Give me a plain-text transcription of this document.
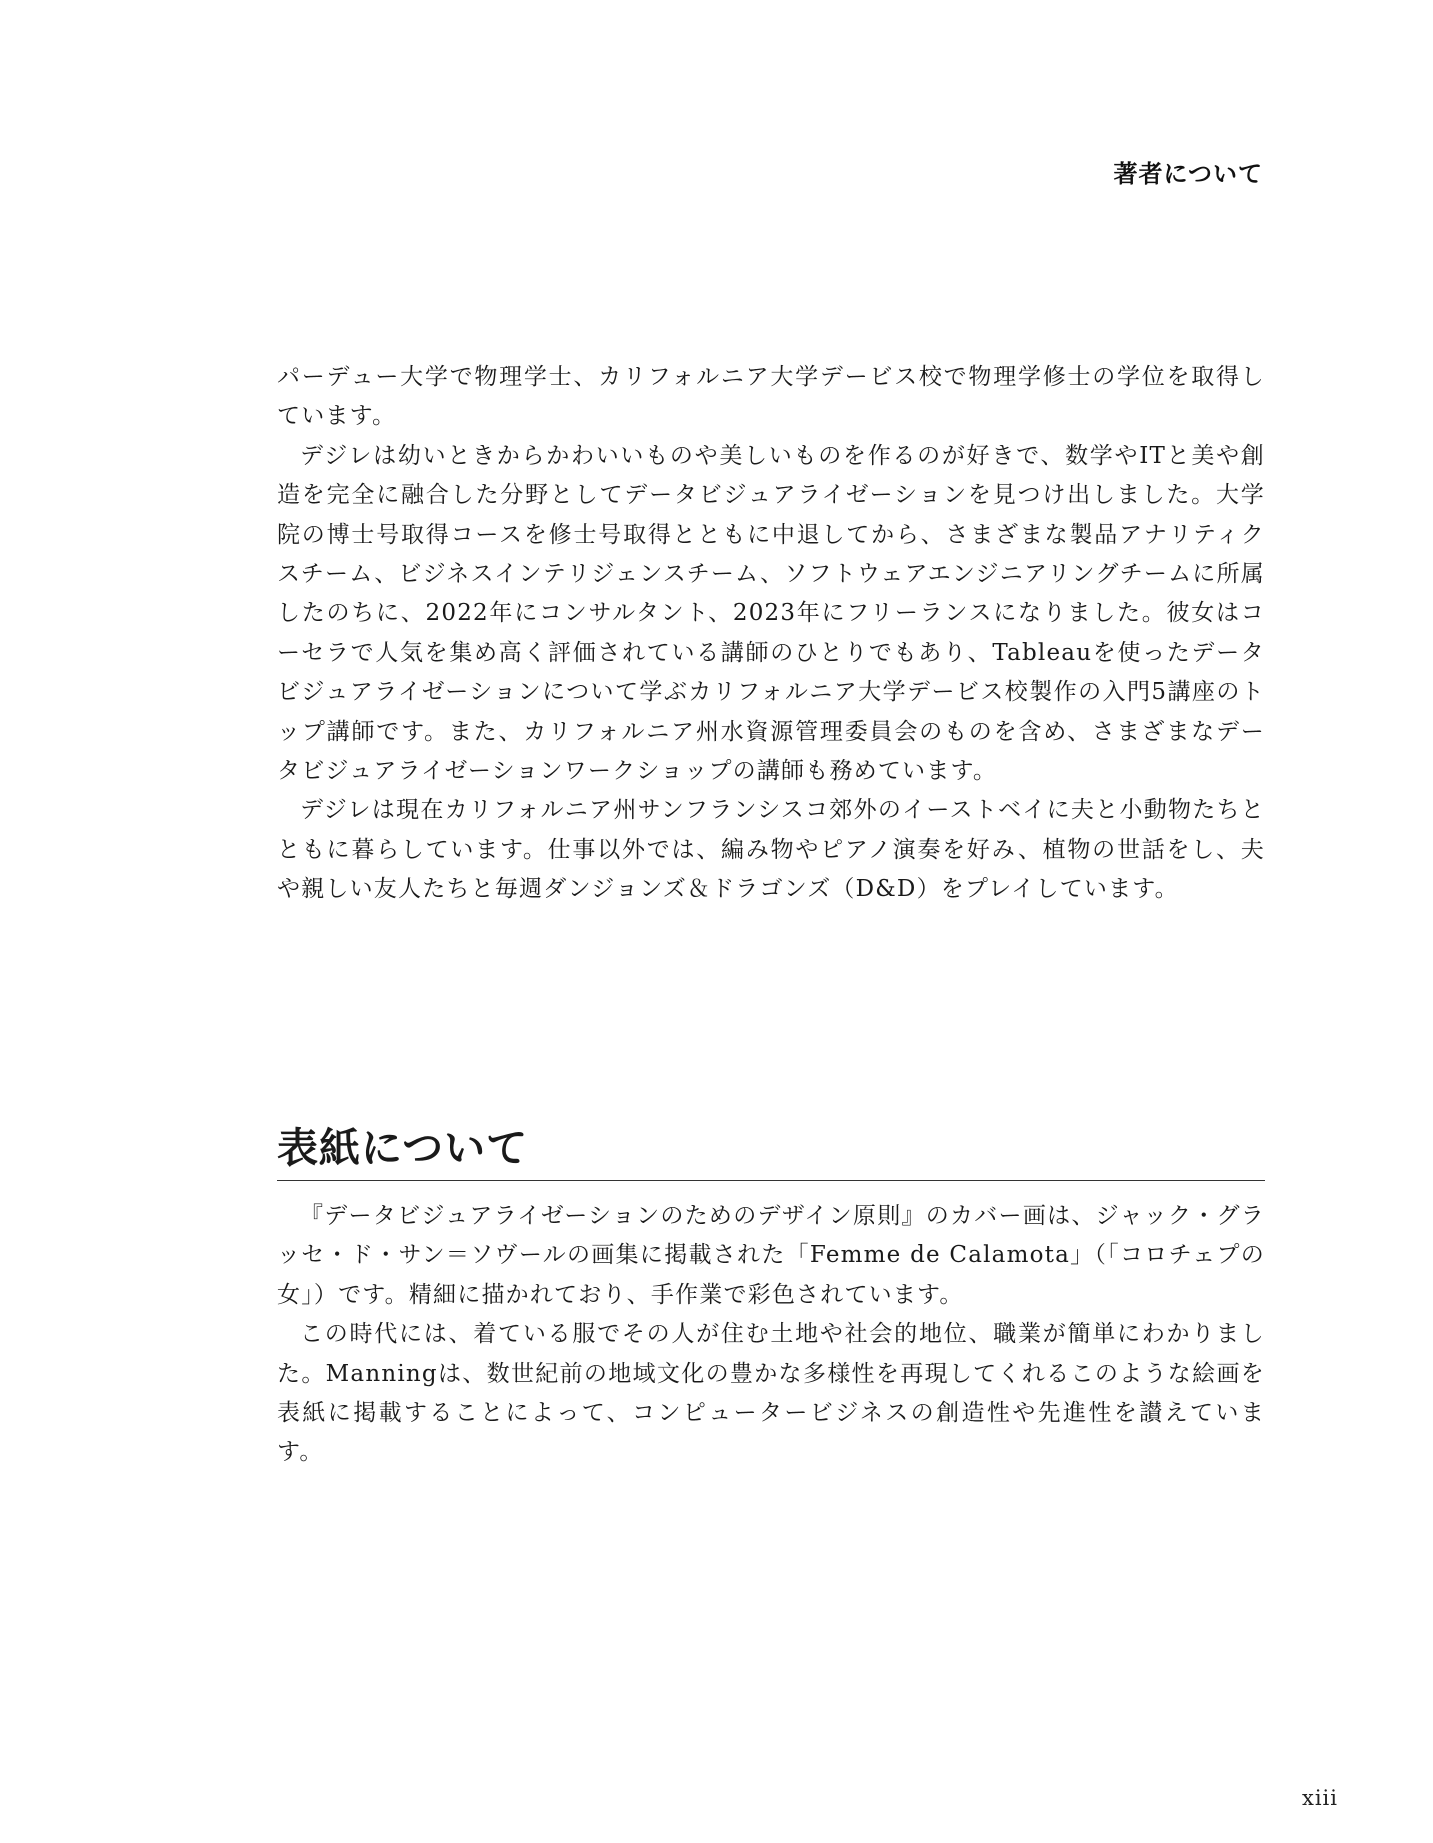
著者について

パーデュー大学で物理学士、カリフォルニア大学デービス校で物理学修士の学位を取得しています。

デジレは幼いときからかわいいものや美しいものを作るのが好きで、数学やITと美や創造を完全に融合した分野としてデータビジュアライゼーションを見つけ出しました。大学院の博士号取得コースを修士号取得とともに中退してから、さまざまな製品アナリティクスチーム、ビジネスインテリジェンスチーム、ソフトウェアエンジニアリングチームに所属したのちに、2022年にコンサルタント、2023年にフリーランスになりました。彼女はコーセラで人気を集め高く評価されている講師のひとりでもあり、Tableauを使ったデータビジュアライゼーションについて学ぶカリフォルニア大学デービス校製作の入門5講座のトップ講師です。また、カリフォルニア州水資源管理委員会のものを含め、さまざまなデータビジュアライゼーションワークショップの講師も務めています。

デジレは現在カリフォルニア州サンフランシスコ郊外のイーストベイに夫と小動物たちとともに暮らしています。仕事以外では、編み物やピアノ演奏を好み、植物の世話をし、夫や親しい友人たちと毎週ダンジョンズ＆ドラゴンズ（D&D）をプレイしています。

表紙について

『データビジュアライゼーションのためのデザイン原則』のカバー画は、ジャック・グラッセ・ド・サン＝ソヴールの画集に掲載された「Femme de Calamota」（「コロチェプの女」）です。精細に描かれており、手作業で彩色されています。

この時代には、着ている服でその人が住む土地や社会的地位、職業が簡単にわかりました。Manningは、数世紀前の地域文化の豊かな多様性を再現してくれるこのような絵画を表紙に掲載することによって、コンピュータービジネスの創造性や先進性を讃えています。

xiii
